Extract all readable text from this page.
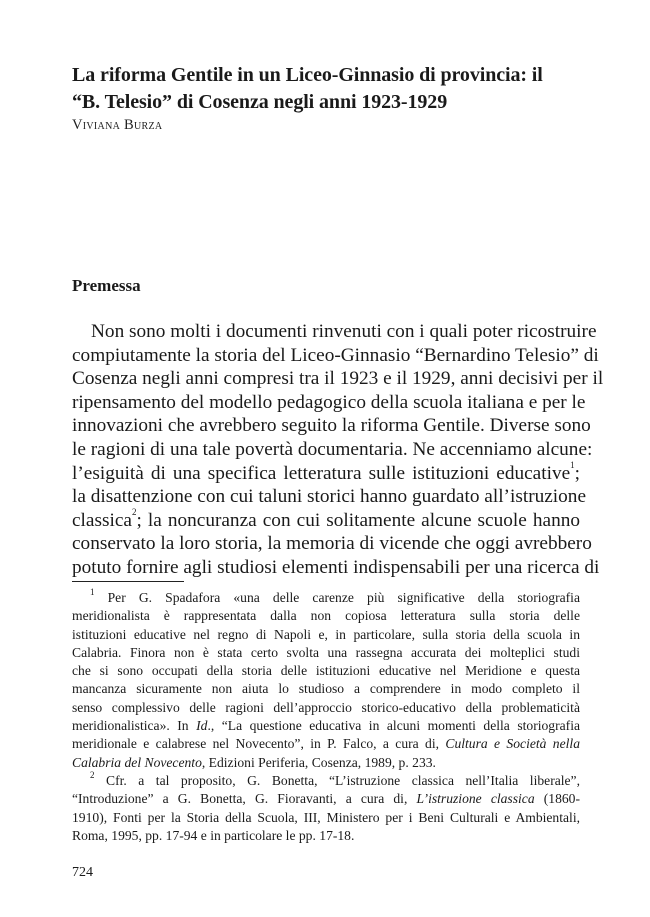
La riforma Gentile in un Liceo-Ginnasio di provincia: il
“B. Telesio” di Cosenza negli anni 1923-1929

Viviana Burza

Premessa
Non sono molti i documenti rinvenuti con i quali poter ricostruire
compiutamente la storia del Liceo-Ginnasio “Bernardino Telesio” di
Cosenza negli anni compresi tra il 1923 e il 1929, anni decisivi per il
ripensamento del modello pedagogico della scuola italiana e per le
innovazioni che avrebbero seguito la riforma Gentile. Diverse sono
le ragioni di una tale povertà documentaria. Ne accenniamo alcune:
l’esiguità di una specifica letteratura sulle istituzioni educative$^1$;
la disattenzione con cui taluni storici hanno guardato all’istruzione
classica$^2$; la noncuranza con cui solitamente alcune scuole hanno
conservato la loro storia, la memoria di vicende che oggi avrebbero
potuto fornire agli studiosi elementi indispensabili per una ricerca di
$^1$ Per G. Spadafora «una delle carenze più significative della storiografia
meridionalista è rappresentata dalla non copiosa letteratura sulla storia delle
istituzioni educative nel regno di Napoli e, in particolare, sulla storia della scuola in
Calabria. Finora non è stata certo svolta una rassegna accurata dei molteplici studi
che si sono occupati della storia delle istituzioni educative nel Meridione e questa
mancanza sicuramente non aiuta lo studioso a comprendere in modo completo il
senso complessivo delle ragioni dell’approccio storico-educativo della problematicità
meridionalistica». In Id., “La questione educativa in alcuni momenti della storiografia
meridionale e calabrese nel Novecento”, in P. Falco, a cura di, Cultura e Società nella
Calabria del Novecento, Edizioni Periferia, Cosenza, 1989, p. 233.
$^2$ Cfr. a tal proposito, G. Bonetta, “L’istruzione classica nell’Italia liberale”,
“Introduzione” a G. Bonetta, G. Fioravanti, a cura di, L’istruzione classica (1860-
1910), Fonti per la Storia della Scuola, III, Ministero per i Beni Culturali e Ambientali,
Roma, 1995, pp. 17-94 e in particolare le pp. 17-18.

724
